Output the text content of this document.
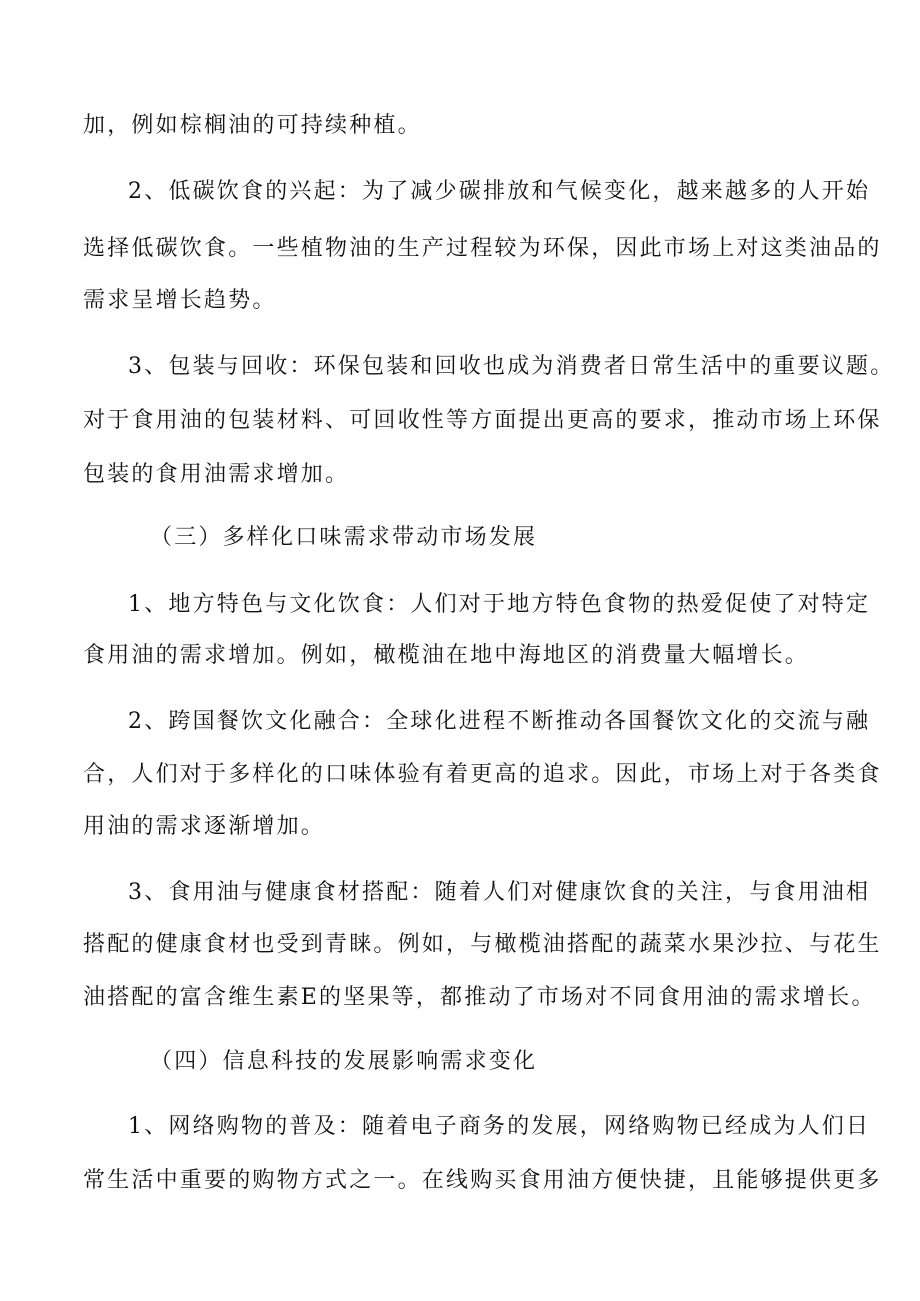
加，例如棕榈油的可持续种植。
2、低碳饮食的兴起：为了减少碳排放和气候变化，越来越多的人开始
选择低碳饮食。一些植物油的生产过程较为环保，因此市场上对这类油品的
需求呈增长趋势。
3、包装与回收：环保包装和回收也成为消费者日常生活中的重要议题。
对于食用油的包装材料、可回收性等方面提出更高的要求，推动市场上环保
包装的食用油需求增加。
（三）多样化口味需求带动市场发展
1、地方特色与文化饮食：人们对于地方特色食物的热爱促使了对特定
食用油的需求增加。例如，橄榄油在地中海地区的消费量大幅增长。
2、跨国餐饮文化融合：全球化进程不断推动各国餐饮文化的交流与融
合，人们对于多样化的口味体验有着更高的追求。因此，市场上对于各类食
用油的需求逐渐增加。
3、食用油与健康食材搭配：随着人们对健康饮食的关注，与食用油相
搭配的健康食材也受到青睐。例如，与橄榄油搭配的蔬菜水果沙拉、与花生
油搭配的富含维生素E的坚果等，都推动了市场对不同食用油的需求增长。
（四）信息科技的发展影响需求变化
1、网络购物的普及：随着电子商务的发展，网络购物已经成为人们日
常生活中重要的购物方式之一。在线购买食用油方便快捷，且能够提供更多
